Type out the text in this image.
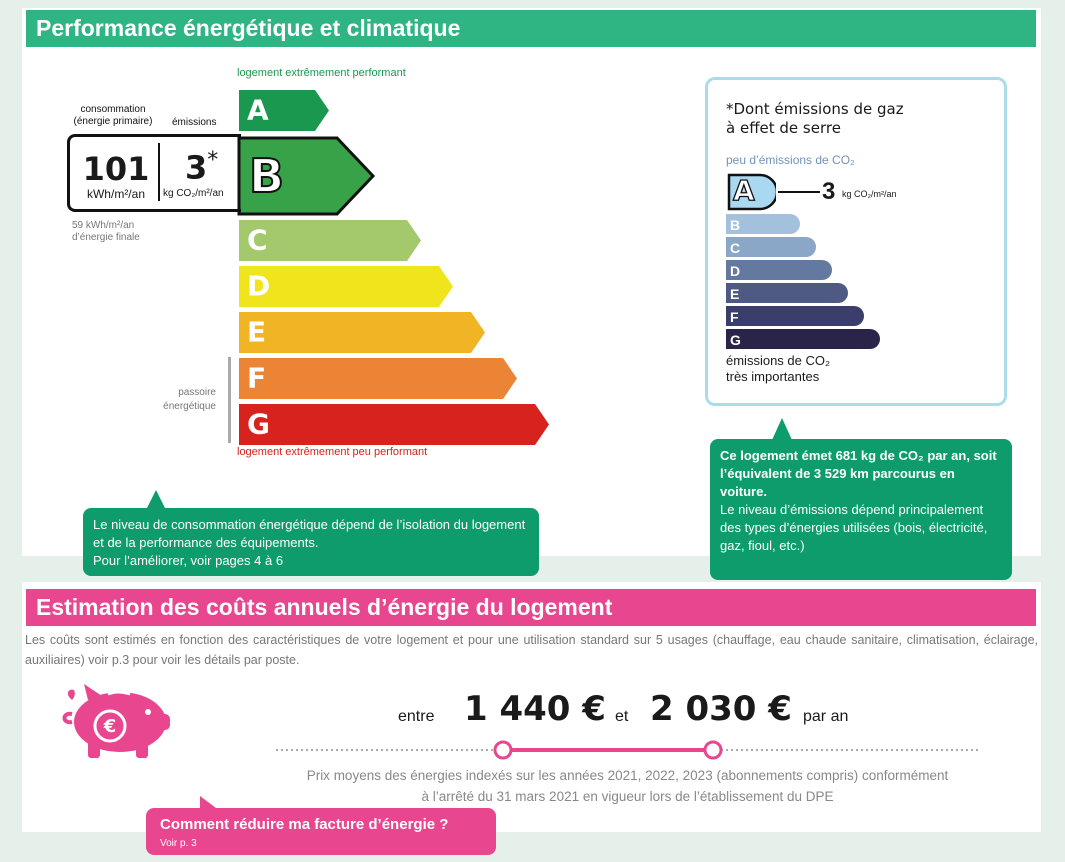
Performance énergétique et climatique
logement extrêmement performant
A
B
C
D
E
F
G
consommation
(énergie primaire)	émissions
101
kWh/m²/an
3*
kg CO₂/m²/an
59 kWh/m²/an
d’énergie finale
passoire
énergétique
logement extrêmement peu performant
*Dont émissions de gaz
à effet de serre
peu d’émissions de CO₂
A	3 kg CO₂/m²/an
B
C
D
E
F
G
émissions de CO₂
très importantes
Le niveau de consommation énergétique dépend de l’isolation du logement et de la performance des équipements.
Pour l’améliorer, voir pages 4 à 6
Ce logement émet 681 kg de CO₂ par an, soit l’équivalent de 3 529 km parcourus en voiture.
Le niveau d’émissions dépend principalement des types d’énergies utilisées (bois, électricité, gaz, fioul, etc.)
Estimation des coûts annuels d’énergie du logement
Les coûts sont estimés en fonction des caractéristiques de votre logement et pour une utilisation standard sur 5 usages (chauffage, eau chaude sanitaire, climatisation, éclairage, auxiliaires) voir p.3 pour voir les détails par poste.
€	entre 1 440 € et 2 030 € par an
Prix moyens des énergies indexés sur les années 2021, 2022, 2023 (abonnements compris) conformément
à l’arrêté du 31 mars 2021 en vigueur lors de l’établissement du DPE
Comment réduire ma facture d’énergie ?
Voir p. 3
